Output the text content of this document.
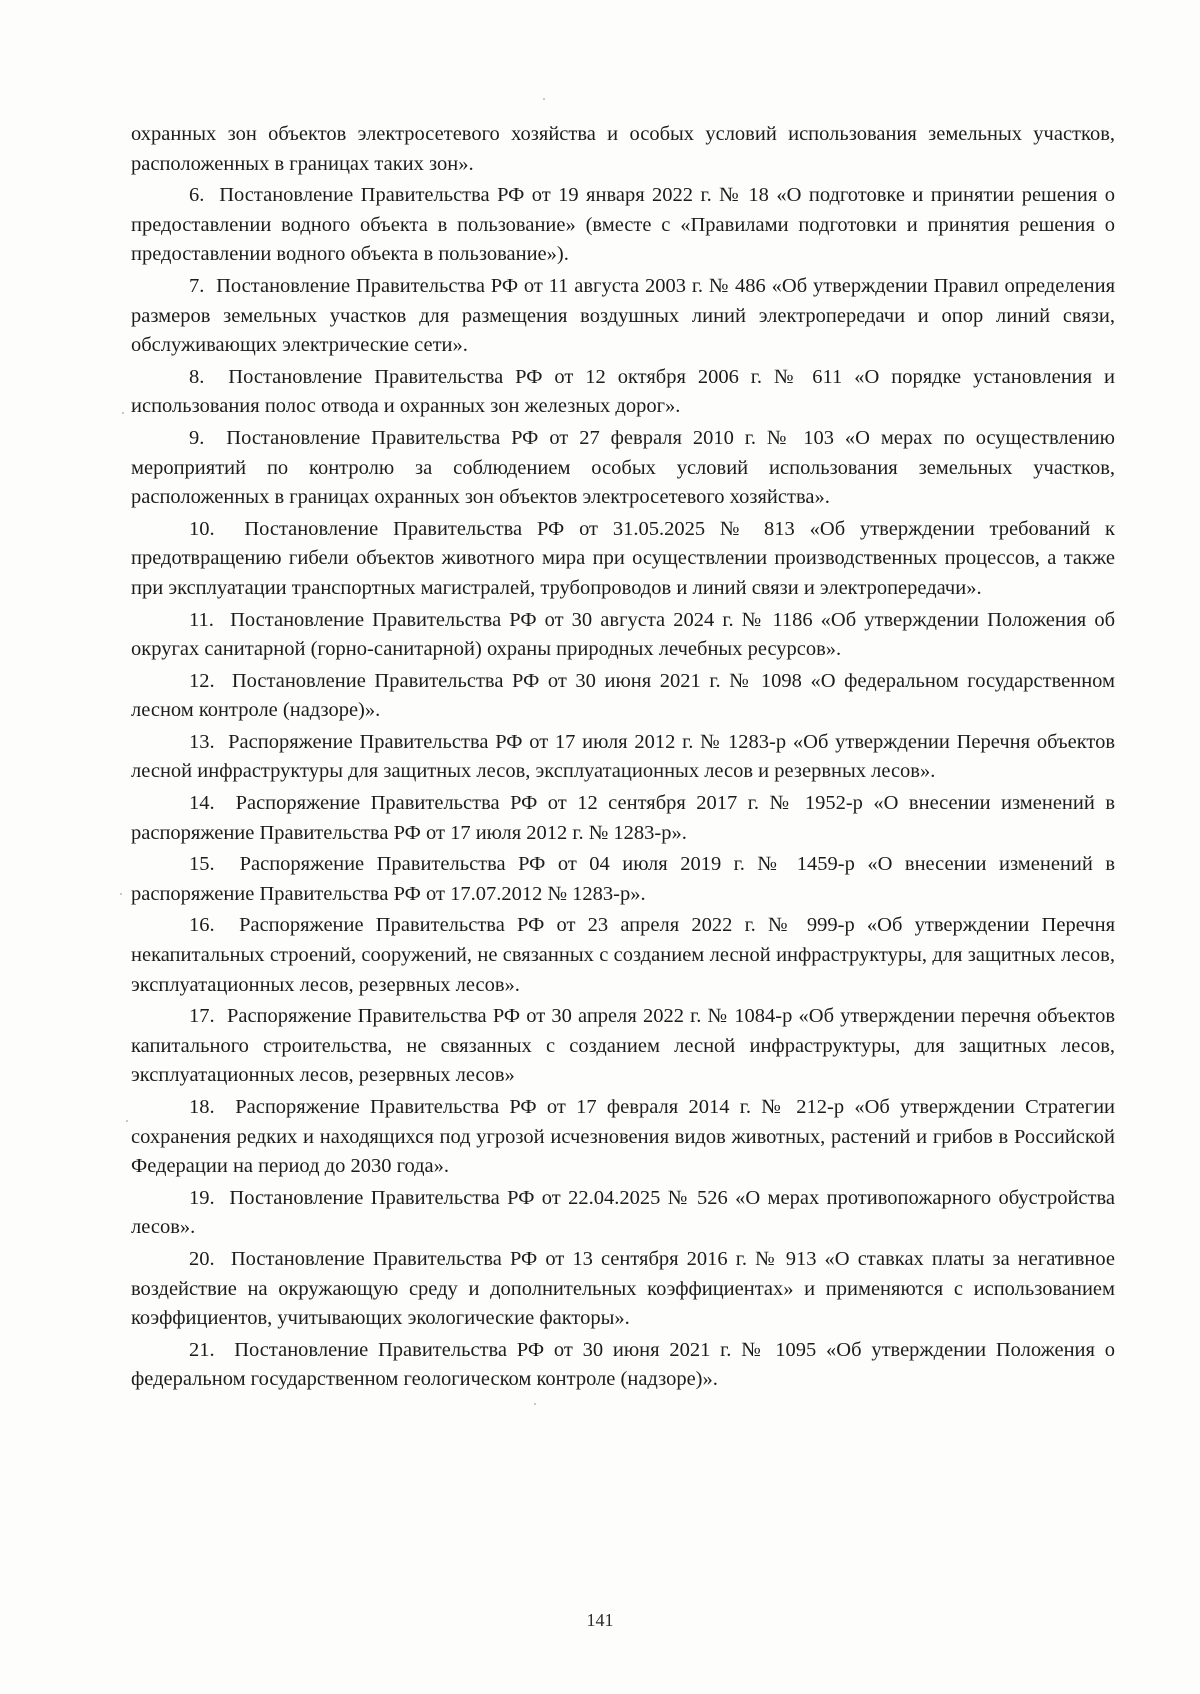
охранных зон объектов электросетевого хозяйства и особых условий использования земельных участков, расположенных в границах таких зон».

6. Постановление Правительства РФ от 19 января 2022 г. № 18 «О подготовке и принятии решения о предоставлении водного объекта в пользование» (вместе с «Правилами подготовки и принятия решения о предоставлении водного объекта в пользование»).

7. Постановление Правительства РФ от 11 августа 2003 г. № 486 «Об утверждении Правил определения размеров земельных участков для размещения воздушных линий электропередачи и опор линий связи, обслуживающих электрические сети».

8. Постановление Правительства РФ от 12 октября 2006 г. № 611 «О порядке установления и использования полос отвода и охранных зон железных дорог».

9. Постановление Правительства РФ от 27 февраля 2010 г. № 103 «О мерах по осуществлению мероприятий по контролю за соблюдением особых условий использования земельных участков, расположенных в границах охранных зон объектов электросетевого хозяйства».

10. Постановление Правительства РФ от 31.05.2025 № 813 «Об утверждении требований к предотвращению гибели объектов животного мира при осуществлении производственных процессов, а также при эксплуатации транспортных магистралей, трубопроводов и линий связи и электропередачи».

11. Постановление Правительства РФ от 30 августа 2024 г. № 1186 «Об утверждении Положения об округах санитарной (горно-санитарной) охраны природных лечебных ресурсов».

12. Постановление Правительства РФ от 30 июня 2021 г. № 1098 «О федеральном государственном лесном контроле (надзоре)».

13. Распоряжение Правительства РФ от 17 июля 2012 г. № 1283-р «Об утверждении Перечня объектов лесной инфраструктуры для защитных лесов, эксплуатационных лесов и резервных лесов».

14. Распоряжение Правительства РФ от 12 сентября 2017 г. № 1952-р «О внесении изменений в распоряжение Правительства РФ от 17 июля 2012 г. № 1283-р».

15. Распоряжение Правительства РФ от 04 июля 2019 г. № 1459-р «О внесении изменений в распоряжение Правительства РФ от 17.07.2012 № 1283-р».

16. Распоряжение Правительства РФ от 23 апреля 2022 г. № 999-р «Об утверждении Перечня некапитальных строений, сооружений, не связанных с созданием лесной инфраструктуры, для защитных лесов, эксплуатационных лесов, резервных лесов».

17. Распоряжение Правительства РФ от 30 апреля 2022 г. № 1084-р «Об утверждении перечня объектов капитального строительства, не связанных с созданием лесной инфраструктуры, для защитных лесов, эксплуатационных лесов, резервных лесов»

18. Распоряжение Правительства РФ от 17 февраля 2014 г. № 212-р «Об утверждении Стратегии сохранения редких и находящихся под угрозой исчезновения видов животных, растений и грибов в Российской Федерации на период до 2030 года».

19. Постановление Правительства РФ от 22.04.2025 № 526 «О мерах противопожарного обустройства лесов».

20. Постановление Правительства РФ от 13 сентября 2016 г. № 913 «О ставках платы за негативное воздействие на окружающую среду и дополнительных коэффициентах» и применяются с использованием коэффициентов, учитывающих экологические факторы».

21. Постановление Правительства РФ от 30 июня 2021 г. № 1095 «Об утверждении Положения о федеральном государственном геологическом контроле (надзоре)».

141
